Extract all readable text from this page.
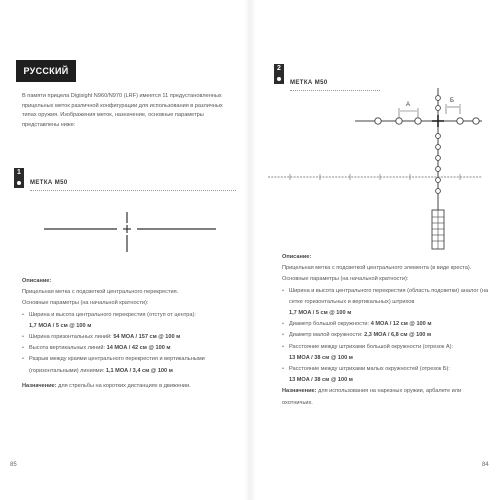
РУССКИЙ
В памяти прицела Digisight N960/N970 (LRF) имеется 11 предустановленных прицельных меток различной конфигурации для использования в различных типах оружия. Изображения меток, назначение, основные параметры представлены ниже:
1
МЕТКА M50
Описание:
Прицельная метка с подсветкой центрального перекрестия.
Основные параметры (на начальной кратности):
• Ширина и высота центрального перекрестия (отступ от центра):
1,7 MOA / 5 см @ 100 м
• Ширина горизонтальных линий: 54 MOA / 157 см @ 100 м
• Высота вертикальных линий: 14 MOA / 42 см @ 100 м
• Разрыв между краями центрального перекрестия и вертикальными (горизонтальными) линиями: 1,1 MOA / 3,4 см @ 100 м
Назначение: для стрельбы на коротких дистанциях в движении.
85
2
МЕТКА M50
A
Б
Описание:
Прицельная метка с подсветкой центрального элемента (в виде креста).
Основные параметры (на начальной кратности):
• Ширина и высота центрального перекрестия (область подсветки) аналог (на сетке горизонтальных и вертикальных) штрихов
1,7 MOA / 5 см @ 100 м
• Диаметр большой окружности: 4 MOA / 12 см @ 100 м
• Диаметр малой окружности: 2,3 MOA / 6,8 см @ 100 м
• Расстояние между штрихами большой окружности (отрезок А):
13 MOA / 38 см @ 100 м
• Расстояние между штрихами малых окружностей (отрезок Б):
13 MOA / 38 см @ 100 м
Назначение: для использования на нарезных оружии, арбалете или охотничьих.
84
